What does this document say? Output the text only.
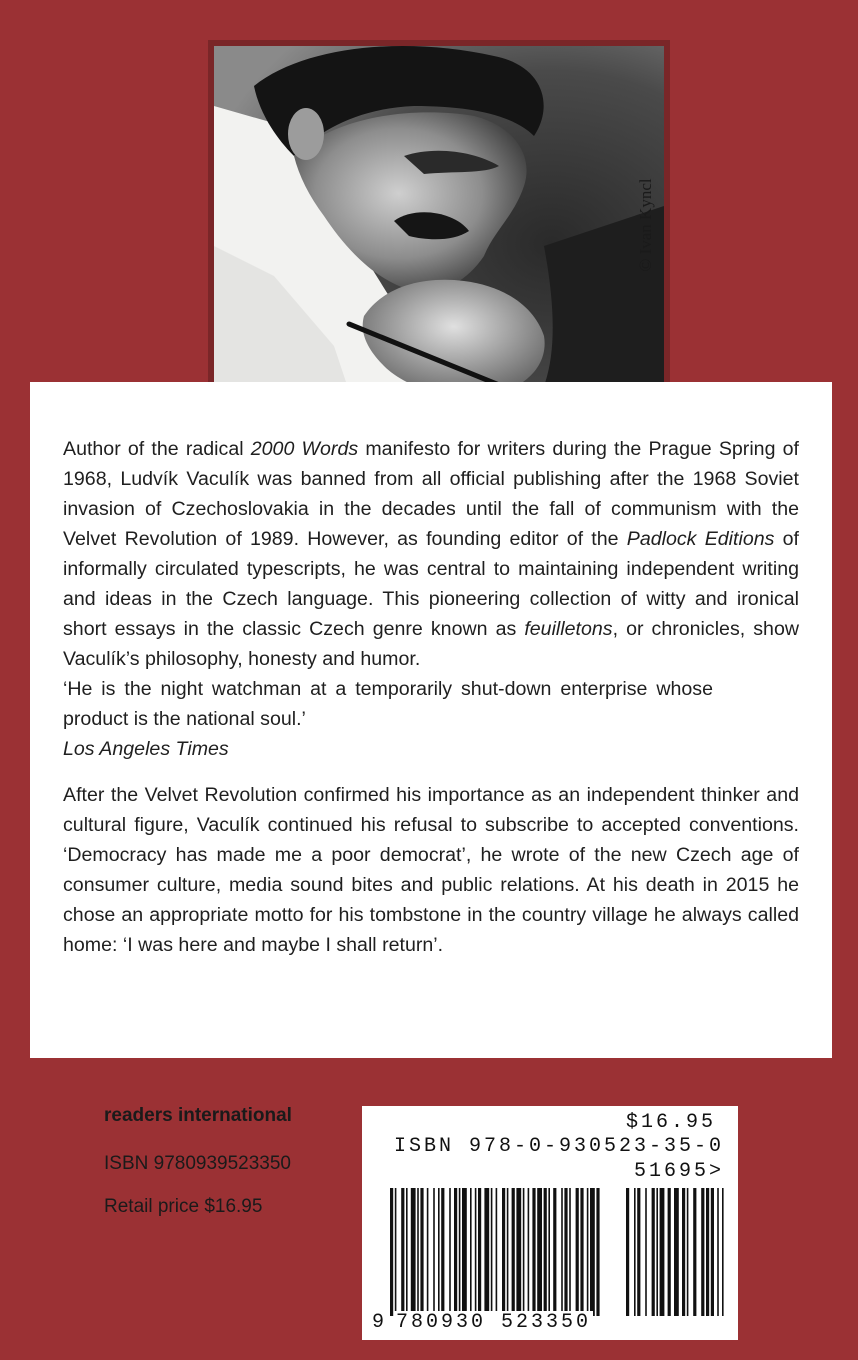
© Ivan Kyncl

Author of the radical 2000 Words manifesto for writers during the Prague Spring of 1968, Ludvík Vaculík was banned from all official publishing after the 1968 Soviet invasion of Czechoslovakia in the decades until the fall of communism with the Velvet Revolution of 1989. However, as founding editor of the Padlock Editions of informally circulated typescripts, he was central to maintaining independent writing and ideas in the Czech language. This pioneering collection of witty and ironical short essays in the classic Czech genre known as feuilletons, or chronicles, show Vaculík’s philosophy, honesty and humor.

‘He is the night watchman at a temporarily shut-down enterprise whose product is the national soul.’

Los Angeles Times

After the Velvet Revolution confirmed his importance as an independent thinker and cultural figure, Vaculík continued his refusal to subscribe to accepted conventions. ‘Democracy has made me a poor democrat’, he wrote of the new Czech age of consumer culture, media sound bites and public relations. At his death in 2015 he chose an appropriate motto for his tombstone in the country village he always called home: ‘I was here and maybe I shall return’.

readers international
ISBN 9780939523350
Retail price $16.95
$16.95
ISBN 978-0-930523-35-0
51695>
9 780930 523350
